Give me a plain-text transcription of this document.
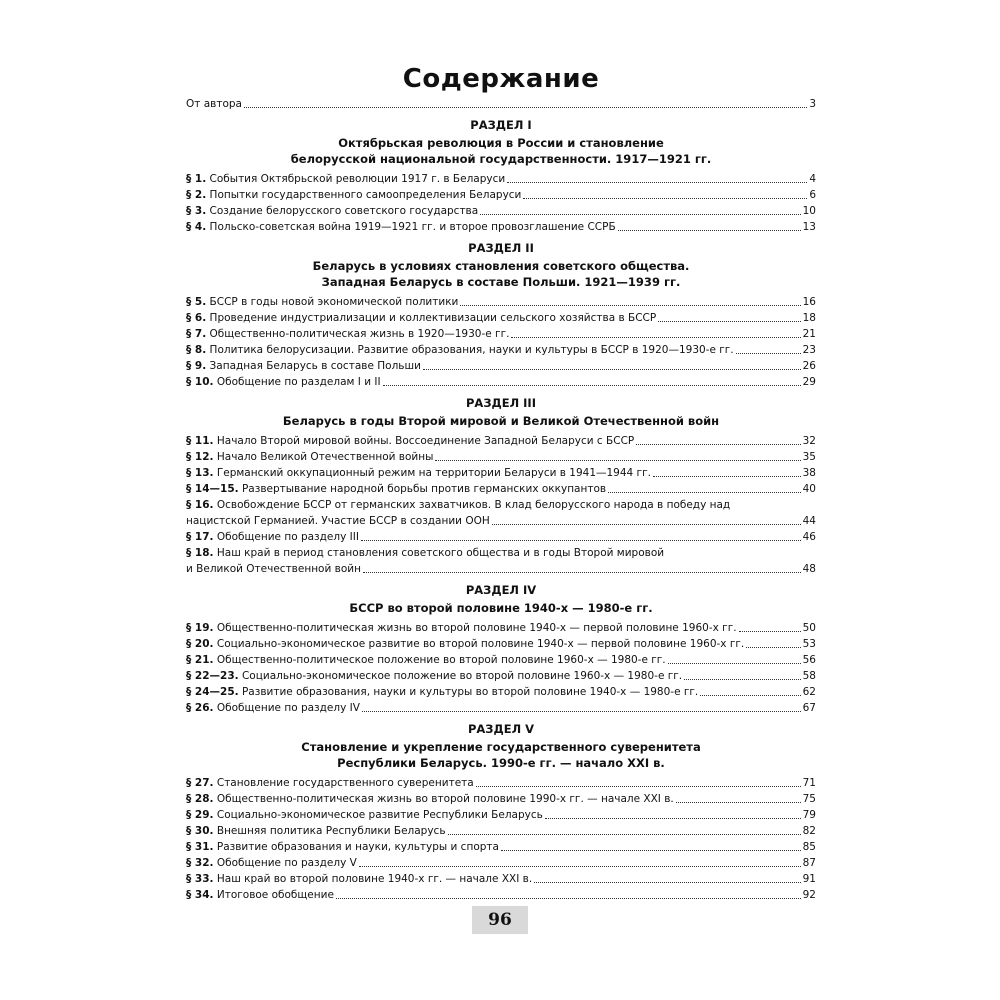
Содержание
От автора	3
РАЗДЕЛ I
Октябрьская революция в России и становление
белорусской национальной государственности. 1917—1921 гг.
§ 1. События Октябрьской революции 1917 г. в Беларуси	4
§ 2. Попытки государственного самоопределения Беларуси	6
§ 3. Создание белорусского советского государства	10
§ 4. Польско-советская война 1919—1921 гг. и второе провозглашение ССРБ	13
РАЗДЕЛ II
Беларусь в условиях становления советского общества.
Западная Беларусь в составе Польши. 1921—1939 гг.
§ 5. БССР в годы новой экономической политики	16
§ 6. Проведение индустриализации и коллективизации сельского хозяйства в БССР	18
§ 7. Общественно-политическая жизнь в 1920—1930-е гг.	21
§ 8. Политика белорусизации. Развитие образования, науки и культуры в БССР в 1920—1930-е гг.	23
§ 9. Западная Беларусь в составе Польши	26
§ 10. Обобщение по разделам I и II	29
РАЗДЕЛ III
Беларусь в годы Второй мировой и Великой Отечественной войн
§ 11. Начало Второй мировой войны. Воссоединение Западной Беларуси с БССР	32
§ 12. Начало Великой Отечественной войны	35
§ 13. Германский оккупационный режим на территории Беларуси в 1941—1944 гг.	38
§ 14—15. Развертывание народной борьбы против германских оккупантов	40
§ 16. Освобождение БССР от германских захватчиков. В клад белорусского народа в победу над
нацистской Германией. Участие БССР в создании ООН	44
§ 17. Обобщение по разделу III	46
§ 18. Наш край в период становления советского общества и в годы Второй мировой
и Великой Отечественной войн	48
РАЗДЕЛ IV
БССР во второй половине 1940-х — 1980-е гг.
§ 19. Общественно-политическая жизнь во второй половине 1940-х — первой половине 1960-х гг.	50
§ 20. Социально-экономическое развитие во второй половине 1940-х — первой половине 1960-х гг.	53
§ 21. Общественно-политическое положение во второй половине 1960-х — 1980-е гг.	56
§ 22—23. Социально-экономическое положение во второй половине 1960-х — 1980-е гг.	58
§ 24—25. Развитие образования, науки и культуры во второй половине 1940-х — 1980-е гг.	62
§ 26. Обобщение по разделу IV	67
РАЗДЕЛ V
Становление и укрепление государственного суверенитета
Республики Беларусь. 1990-е гг. — начало XXI в.
§ 27. Становление государственного суверенитета	71
§ 28. Общественно-политическая жизнь во второй половине 1990-х гг. — начале XXI в.	75
§ 29. Социально-экономическое развитие Республики Беларусь	79
§ 30. Внешняя политика Республики Беларусь	82
§ 31. Развитие образования и науки, культуры и спорта	85
§ 32. Обобщение по разделу V	87
§ 33. Наш край во второй половине 1940-х гг. — начале XXI в.	91
§ 34. Итоговое обобщение	92
96
